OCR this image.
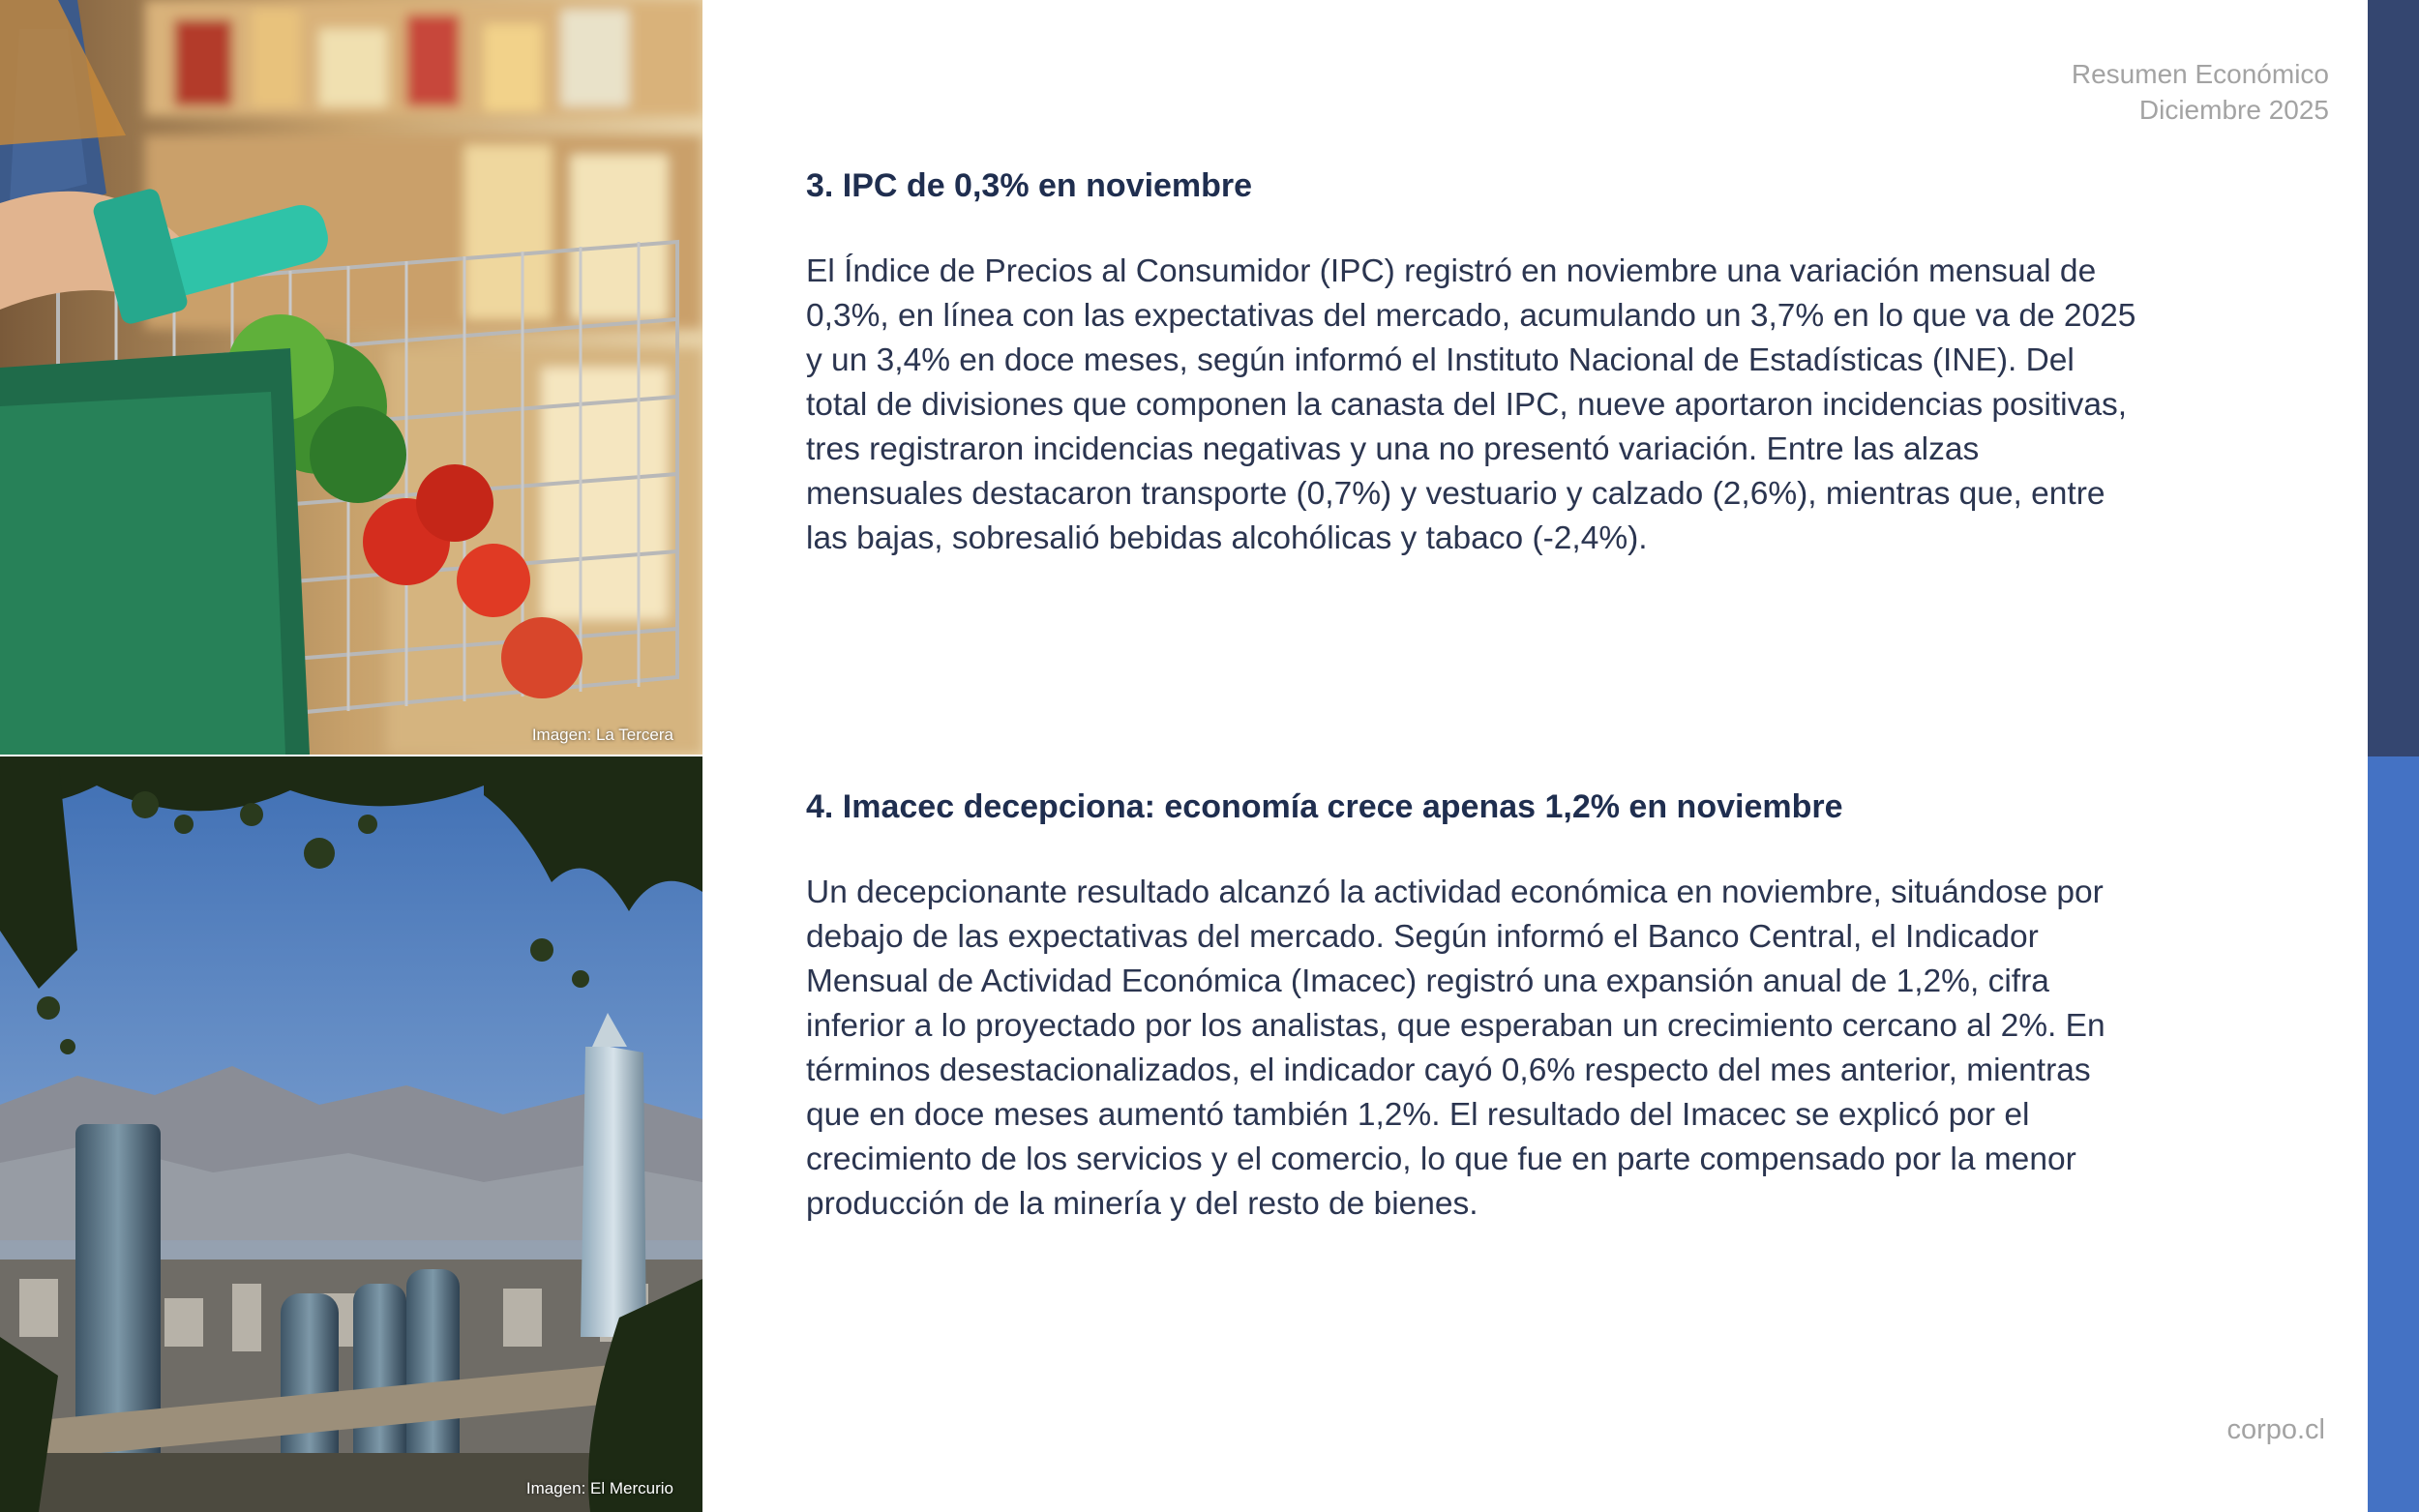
Imagen: La Tercera
Imagen: El Mercurio
Resumen Económico
Diciembre 2025
3. IPC de 0,3% en noviembre

El Índice de Precios al Consumidor (IPC) registró en noviembre una variación mensual de 0,3%, en línea con las expectativas del mercado, acumulando un 3,7% en lo que va de 2025 y un 3,4% en doce meses, según informó el Instituto Nacional de Estadísticas (INE). Del total de divisiones que componen la canasta del IPC, nueve aportaron incidencias positivas, tres registraron incidencias negativas y una no presentó variación. Entre las alzas mensuales destacaron transporte (0,7%) y vestuario y calzado (2,6%), mientras que, entre las bajas, sobresalió bebidas alcohólicas y tabaco (-2,4%).

4. Imacec decepciona: economía crece apenas 1,2% en noviembre

Un decepcionante resultado alcanzó la actividad económica en noviembre, situándose por debajo de las expectativas del mercado. Según informó el Banco Central, el Indicador Mensual de Actividad Económica (Imacec) registró una expansión anual de 1,2%, cifra inferior a lo proyectado por los analistas, que esperaban un crecimiento cercano al 2%. En términos desestacionalizados, el indicador cayó 0,6% respecto del mes anterior, mientras que en doce meses aumentó también 1,2%. El resultado del Imacec se explicó por el crecimiento de los servicios y el comercio, lo que fue en parte compensado por la menor producción de la minería y del resto de bienes.

corpo.cl
